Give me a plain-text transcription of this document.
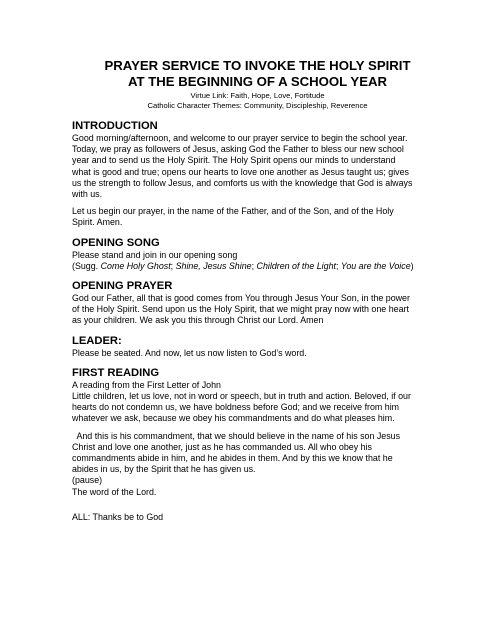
PRAYER SERVICE TO INVOKE THE HOLY SPIRIT

AT THE BEGINNING OF A SCHOOL YEAR

Virtue Link: Faith, Hope, Love, Fortitude

Catholic Character Themes: Community, Discipleship, Reverence

INTRODUCTION

Good morning/afternoon, and welcome to our prayer service to begin the school year.

Today, we pray as followers of Jesus, asking God the Father to bless our new school

year and to send us the Holy Spirit. The Holy Spirit opens our minds to understand

what is good and true; opens our hearts to love one another as Jesus taught us; gives

us the strength to follow Jesus, and comforts us with the knowledge that God is always

with us.

Let us begin our prayer, in the name of the Father, and of the Son, and of the Holy

Spirit. Amen.

OPENING SONG

Please stand and join in our opening song

(Sugg. Come Holy Ghost; Shine, Jesus Shine; Children of the Light; You are the Voice)

OPENING PRAYER

God our Father, all that is good comes from You through Jesus Your Son, in the power

of the Holy Spirit. Send upon us the Holy Spirit, that we might pray now with one heart

as your children. We ask you this through Christ our Lord. Amen

LEADER:

Please be seated. And now, let us now listen to God’s word.

FIRST READING

A reading from the First Letter of John

Little children, let us love, not in word or speech, but in truth and action. Beloved, if our

hearts do not condemn us, we have boldness before God; and we receive from him

whatever we ask, because we obey his commandments and do what pleases him.

And this is his commandment, that we should believe in the name of his son Jesus

Christ and love one another, just as he has commanded us. All who obey his

commandments abide in him, and he abides in them. And by this we know that he

abides in us, by the Spirit that he has given us.

(pause)

The word of the Lord.

ALL: Thanks be to God
